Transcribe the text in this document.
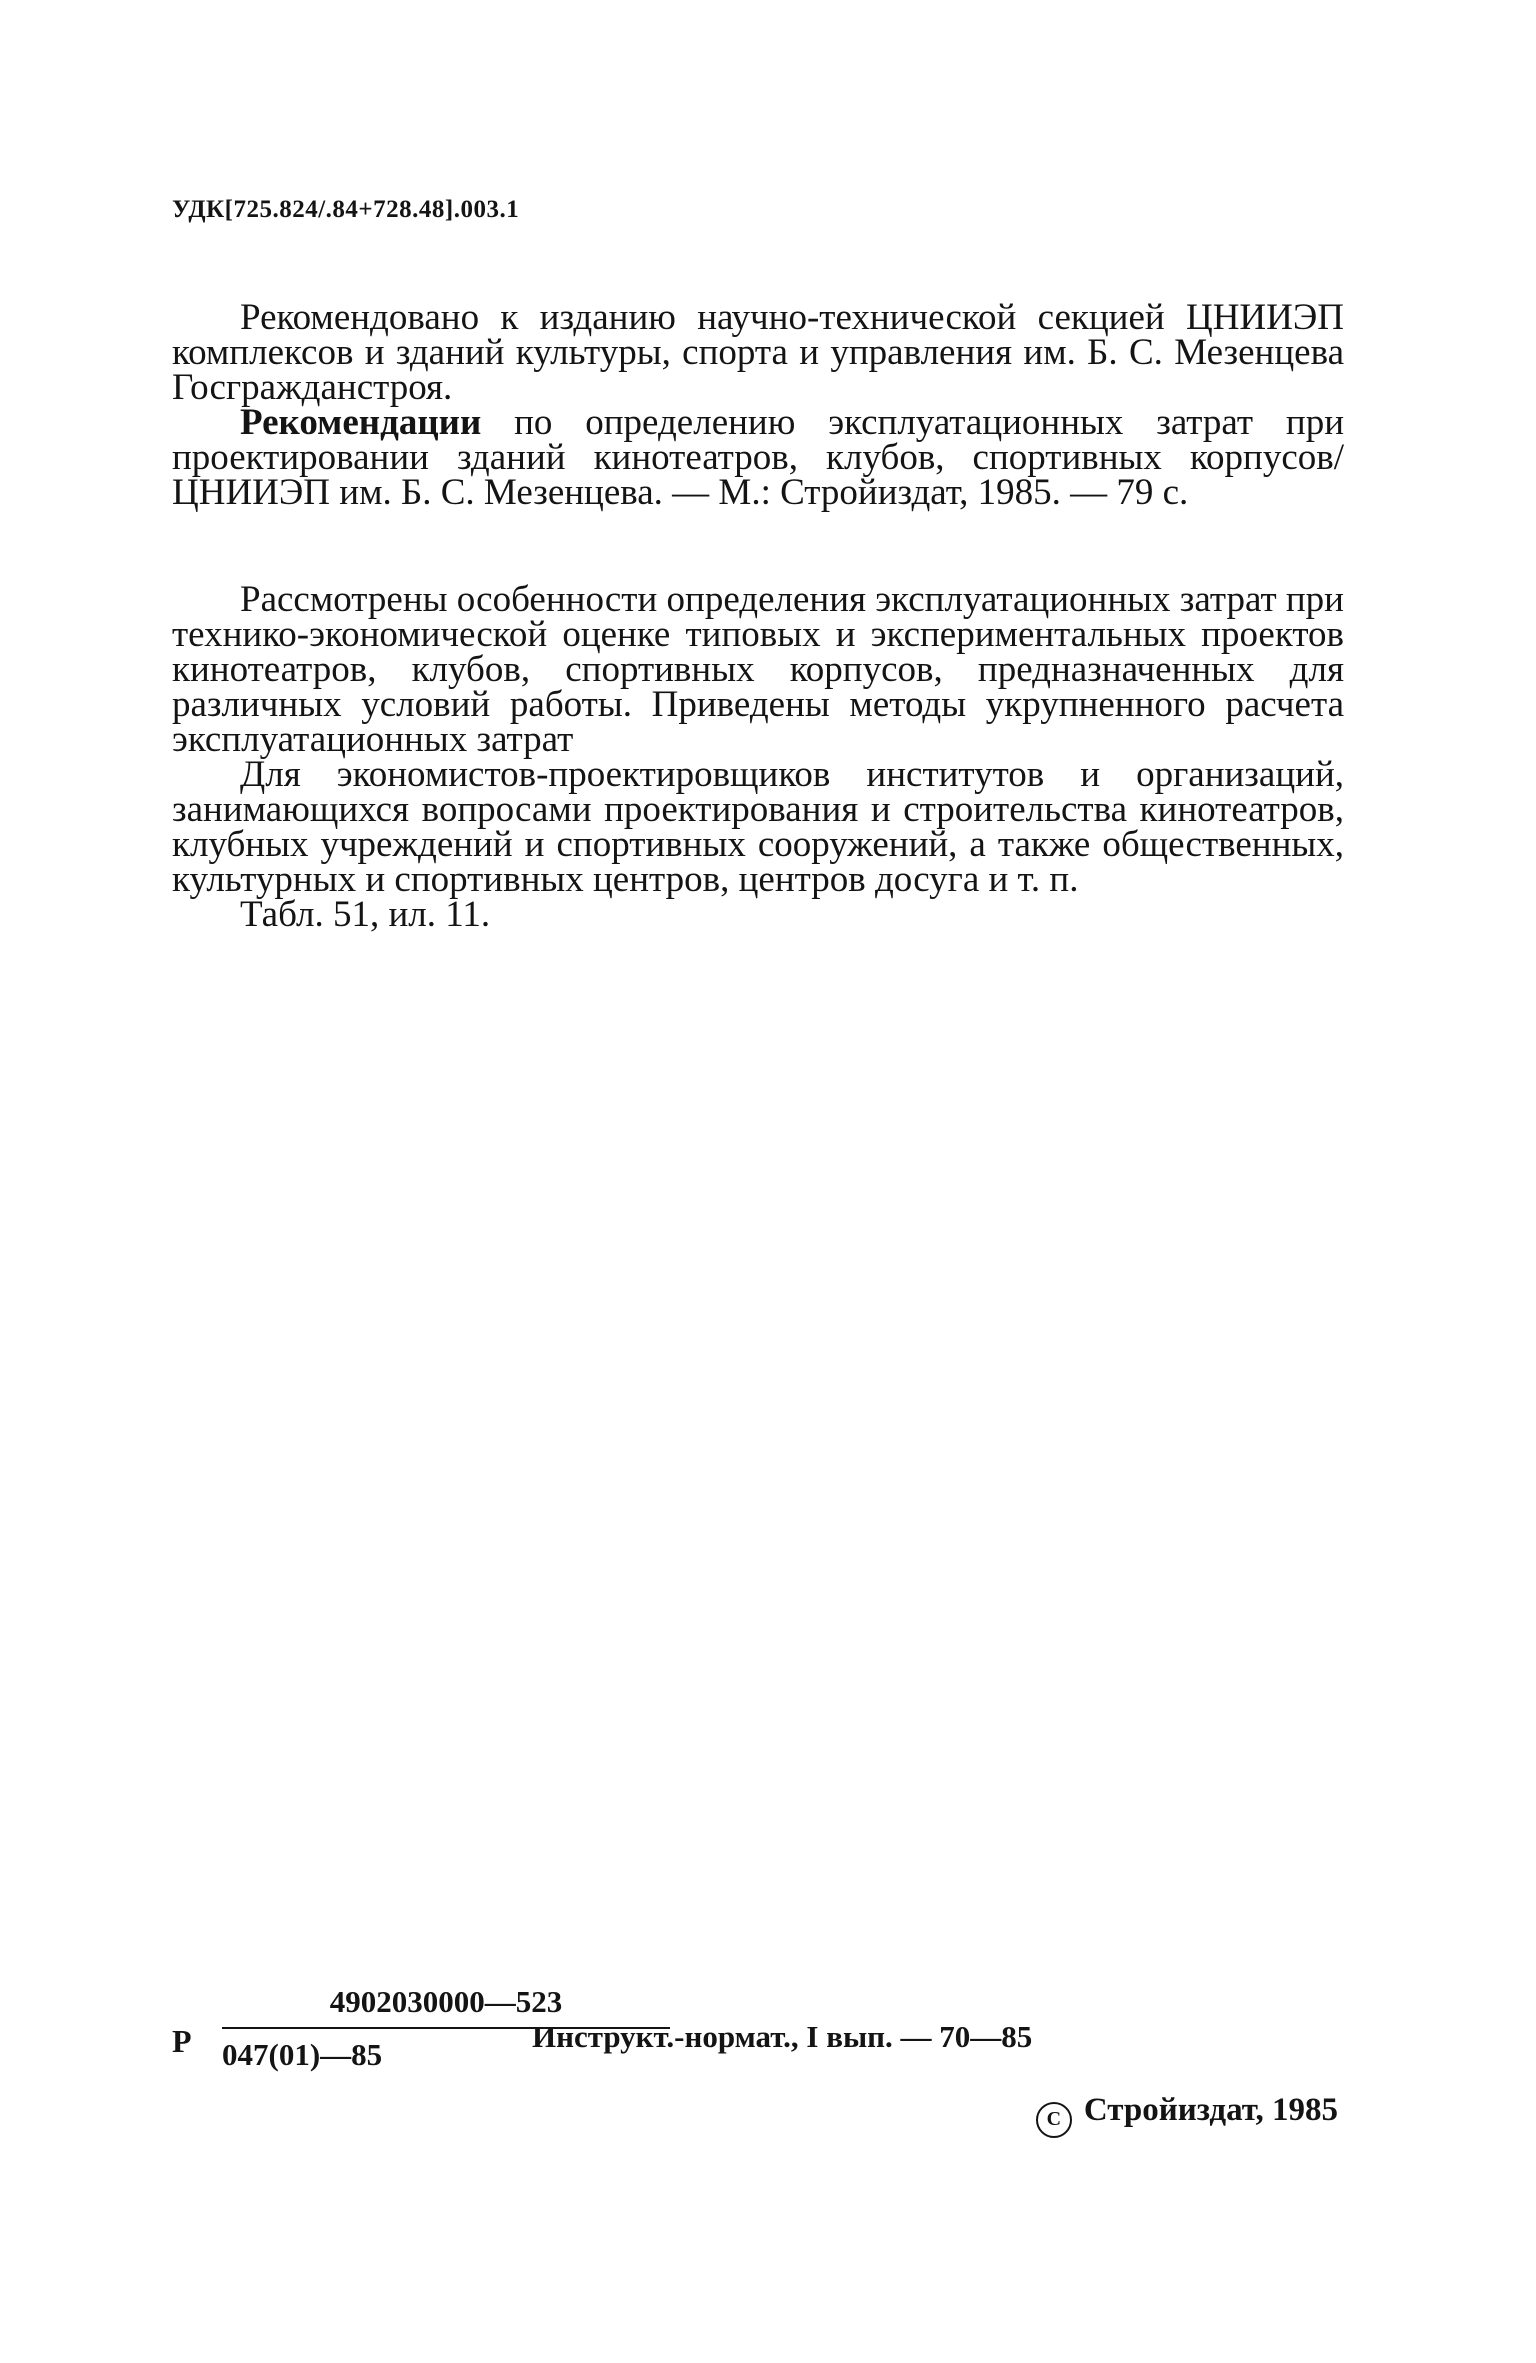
УДК[725.824/.84+728.48].003.1

Рекомендовано к изданию научно-технической секцией ЦНИИЭП комплексов и зданий культуры, спорта и управления им. Б. С. Мезенцева Госгражданстроя.

Рекомендации по определению эксплуатационных затрат при проектировании зданий кинотеатров, клубов, спортивных корпусов/ ЦНИИЭП им. Б. С. Мезенцева. — М.: Стройиздат, 1985. — 79 с.

Рассмотрены особенности определения эксплуатационных затрат при технико-экономической оценке типовых и экспериментальных проектов кинотеатров, клубов, спортивных корпусов, предназначенных для различных условий работы. Приведены методы укрупненного расчета эксплуатационных затрат

Для экономистов-проектировщиков институтов и организаций, занимающихся вопросами проектирования и строительства кинотеатров, клубных учреждений и спортивных сооружений, а также общественных, культурных и спортивных центров, центров досуга и т. п.

Табл. 51, ил. 11.

Р $\frac{4902030000—523}{047(01)—85}$
Инструкт.-нормат., I вып. — 70—85
C Стройиздат, 1985
